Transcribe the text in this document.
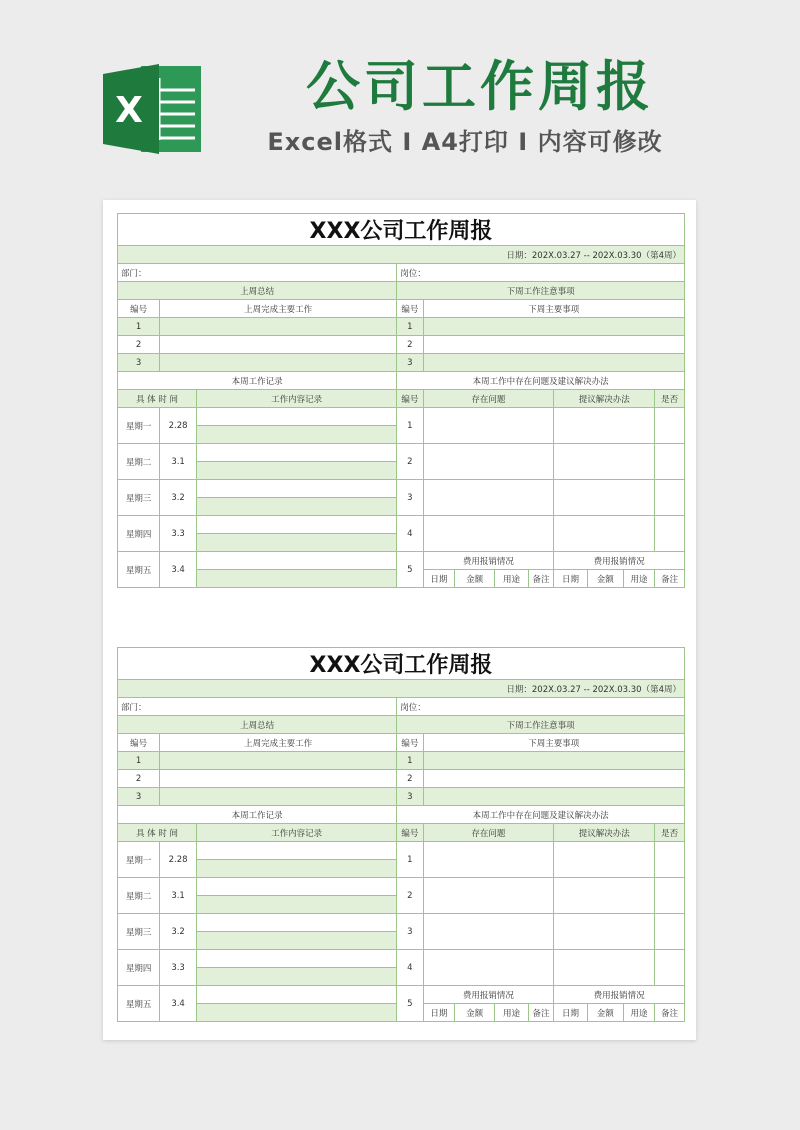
X	公司工作周报
Excel格式 Ι A4打印 Ι 内容可修改
XXX公司工作周报											
日期：202X.03.27 -- 202X.03.30（第4周）											
部门：			岗位：								
上周总结			下周工作注意事项								
编号	上周完成主要工作		编号	下周主要事项							
1			1								
2			2								
3			3								
本周工作记录			本周工作中存在问题及建议解决办法								
具 体 时 间		工作内容记录	编号	存在问题				提议解决办法			是否
星期一	2.28		1								

星期二	3.1		2								

星期三	3.2		3								

星期四	3.3		4								

星期五	3.4		5	费用报销情况				费用报销情况			
				日期	金额	用途	备注	日期	金额	用途	备注
XXX公司工作周报											
日期：202X.03.27 -- 202X.03.30（第4周）											
部门：			岗位：								
上周总结			下周工作注意事项								
编号	上周完成主要工作		编号	下周主要事项							
1			1								
2			2								
3			3								
本周工作记录			本周工作中存在问题及建议解决办法								
具 体 时 间		工作内容记录	编号	存在问题				提议解决办法			是否
星期一	2.28		1								

星期二	3.1		2								

星期三	3.2		3								

星期四	3.3		4								

星期五	3.4		5	费用报销情况				费用报销情况			
				日期	金额	用途	备注	日期	金额	用途	备注
